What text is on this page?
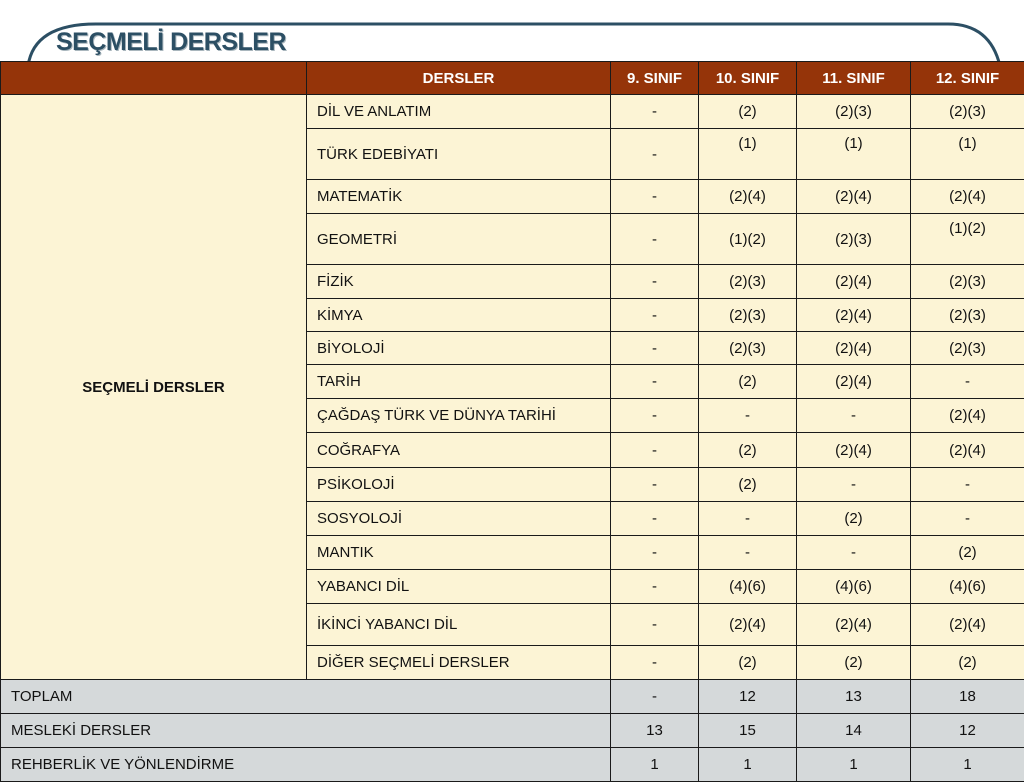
SEÇMELİ DERSLER
	DERSLER	9. SINIF	10. SINIF	11. SINIF	12. SINIF
SEÇMELİ DERSLER	DİL VE ANLATIM	-	(2)	(2)(3)	(2)(3)
	TÜRK EDEBİYATI	-	(1)	(1)	(1)
	MATEMATİK	-	(2)(4)	(2)(4)	(2)(4)
	GEOMETRİ	-	(1)(2)	(2)(3)	(1)(2)
	FİZİK	-	(2)(3)	(2)(4)	(2)(3)
	KİMYA	-	(2)(3)	(2)(4)	(2)(3)
	BİYOLOJİ	-	(2)(3)	(2)(4)	(2)(3)
	TARİH	-	(2)	(2)(4)	-
	ÇAĞDAŞ TÜRK VE DÜNYA TARİHİ	-	-	-	(2)(4)
	COĞRAFYA	-	(2)	(2)(4)	(2)(4)
	PSİKOLOJİ	-	(2)	-	-
	SOSYOLOJİ	-	-	(2)	-
	MANTIK	-	-	-	(2)
	YABANCI DİL	-	(4)(6)	(4)(6)	(4)(6)
	İKİNCİ YABANCI DİL	-	(2)(4)	(2)(4)	(2)(4)
	DİĞER SEÇMELİ DERSLER	-	(2)	(2)	(2)
TOPLAM		-	12	13	18
MESLEKİ DERSLER		13	15	14	12
REHBERLİK VE YÖNLENDİRME		1	1	1	1
